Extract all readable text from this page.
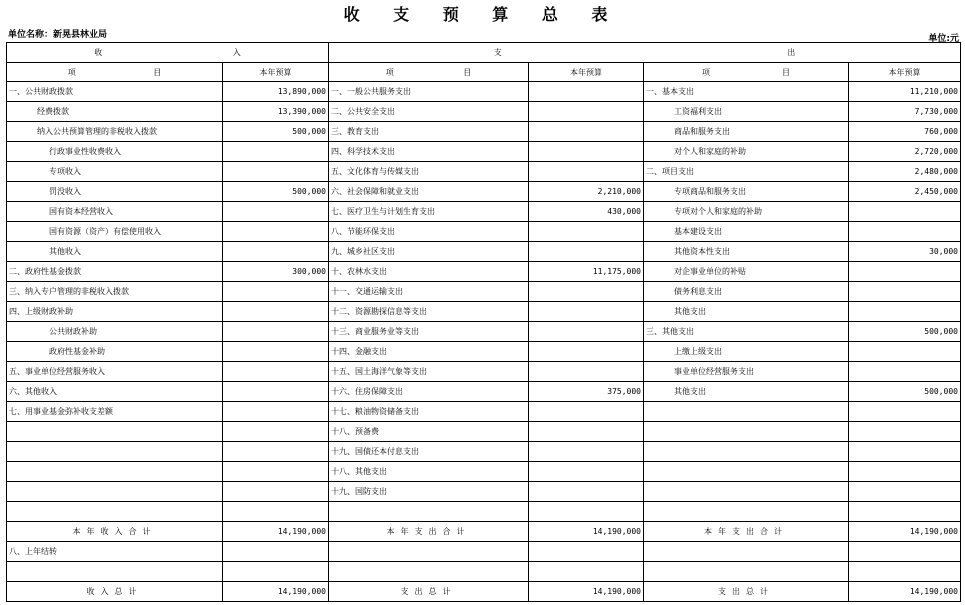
收 支 预 算 总 表
单位名称：新晃县林业局	单位:元
收 入		支 出			

项 目	本年预算	项 目	本年预算	项 目	本年预算
一、公共财政拨款	13,890,000	一、一般公共服务支出		一、基本支出	11,210,000
经费拨款	13,390,000	二、公共安全支出		工资福利支出	7,730,000
纳入公共预算管理的非税收入拨款	500,000	三、教育支出		商品和服务支出	760,000
行政事业性收费收入		四、科学技术支出		对个人和家庭的补助	2,720,000
专项收入		五、文化体育与传媒支出		二、项目支出	2,480,000
罚没收入	500,000	六、社会保障和就业支出	2,210,000	专项商品和服务支出	2,450,000
国有资本经营收入		七、医疗卫生与计划生育支出	430,000	专项对个人和家庭的补助	
国有资源（资产）有偿使用收入		八、节能环保支出		基本建设支出	
其他收入		九、城乡社区支出		其他资本性支出	30,000
二、政府性基金拨款	300,000	十、农林水支出	11,175,000	对企事业单位的补贴	
三、纳入专户管理的非税收入拨款		十一、交通运输支出		债务利息支出	
四、上级财政补助		十二、资源勘探信息等支出		其他支出	
公共财政补助		十三、商业服务业等支出		三、其他支出	500,000
政府性基金补助		十四、金融支出		上缴上级支出	
五、事业单位经营服务收入		十五、国土海洋气象等支出		事业单位经营服务支出	
六、其他收入		十六、住房保障支出	375,000	其他支出	500,000
七、用事业基金弥补收支差额		十七、粮油物资储备支出			
		十八、预备费			
		十九、国债还本付息支出			
		十八、其他支出			
		十九、国防支出			

本年收入合计	14,190,000	本年支出合计	14,190,000	本年支出合计	14,190,000
八、上年结转					

收入总计	14,190,000	支出总计	14,190,000	支出总计	14,190,000
